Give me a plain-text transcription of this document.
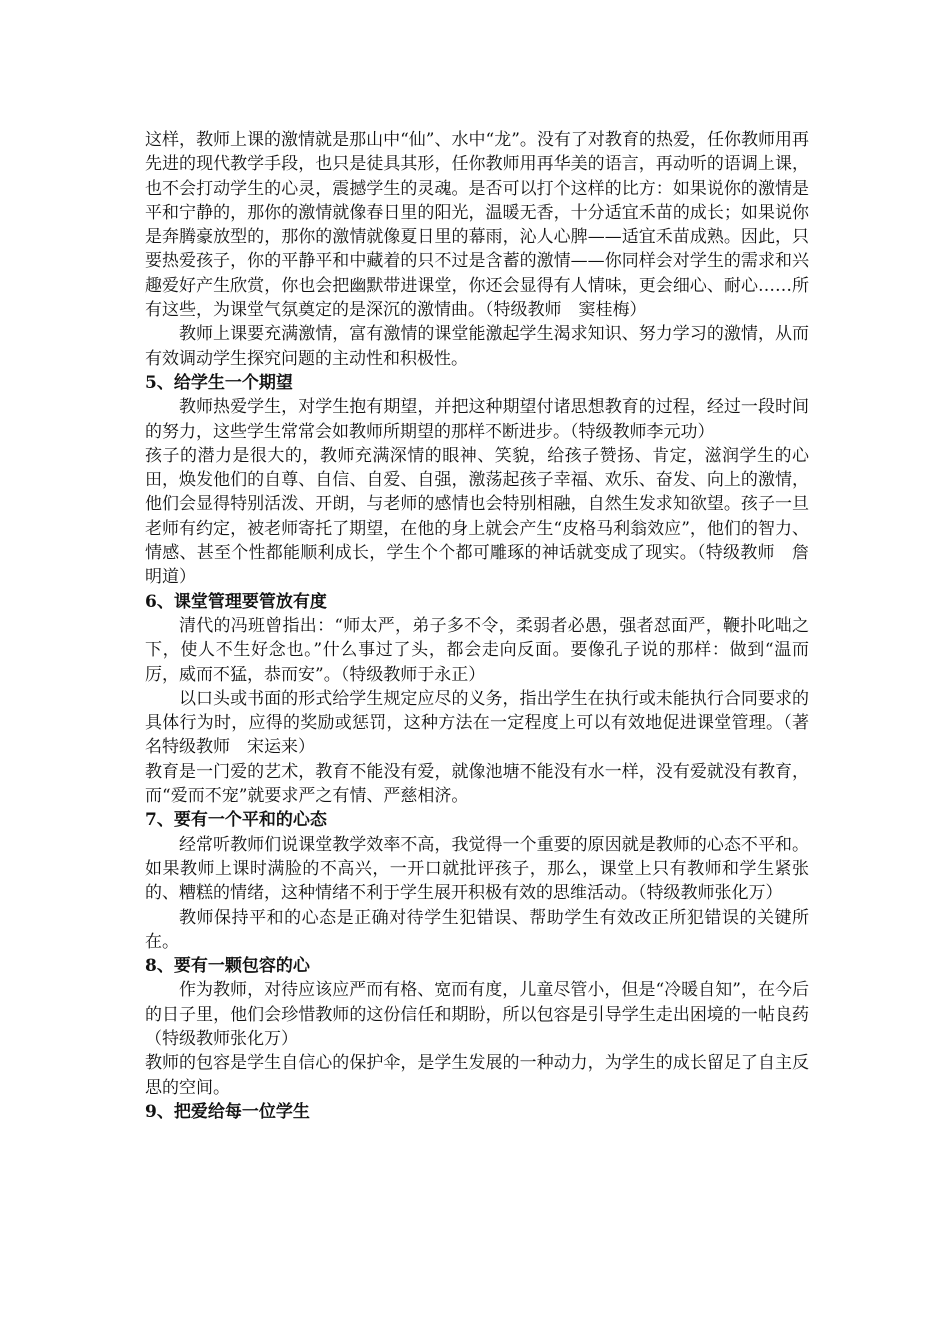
这样，教师上课的激情就是那山中“仙”、水中“龙”。没有了对教育的热爱，任你教师用再先进的现代教学手段，也只是徒具其形，任你教师用再华美的语言，再动听的语调上课，也不会打动学生的心灵，震撼学生的灵魂。是否可以打个这样的比方：如果说你的激情是平和宁静的，那你的激情就像春日里的阳光，温暖无香，十分适宜禾苗的成长；如果说你是奔腾豪放型的，那你的激情就像夏日里的幕雨，沁人心脾——适宜禾苗成熟。因此，只要热爱孩子，你的平静平和中藏着的只不过是含蓄的激情——你同样会对学生的需求和兴趣爱好产生欣赏，你也会把幽默带进课堂，你还会显得有人情味，更会细心、耐心……所有这些，为课堂气氛奠定的是深沉的激情曲。（特级教师　窦桂梅）

教师上课要充满激情，富有激情的课堂能激起学生渴求知识、努力学习的激情，从而有效调动学生探究问题的主动性和积极性。

5、给学生一个期望

教师热爱学生，对学生抱有期望，并把这种期望付诸思想教育的过程，经过一段时间的努力，这些学生常常会如教师所期望的那样不断进步。（特级教师李元功）

孩子的潜力是很大的，教师充满深情的眼神、笑貌，给孩子赞扬、肯定，滋润学生的心田，焕发他们的自尊、自信、自爱、自强，激荡起孩子幸福、欢乐、奋发、向上的激情，他们会显得特别活泼、开朗，与老师的感情也会特别相融，自然生发求知欲望。孩子一旦老师有约定，被老师寄托了期望，在他的身上就会产生“皮格马利翁效应”，他们的智力、情感、甚至个性都能顺利成长，学生个个都可雕琢的神话就变成了现实。（特级教师　詹明道）

6、课堂管理要管放有度

清代的冯班曾指出：“师太严，弟子多不令，柔弱者必愚，强者怼面严，鞭扑叱咄之下，使人不生好念也。”什么事过了头，都会走向反面。要像孔子说的那样：做到“温而厉，威而不猛，恭而安”。（特级教师于永正）

以口头或书面的形式给学生规定应尽的义务，指出学生在执行或未能执行合同要求的具体行为时，应得的奖励或惩罚，这种方法在一定程度上可以有效地促进课堂管理。（著名特级教师　宋运来）

教育是一门爱的艺术，教育不能没有爱，就像池塘不能没有水一样，没有爱就没有教育，而“爱而不宠”就要求严之有情、严慈相济。

7、要有一个平和的心态

经常听教师们说课堂教学效率不高，我觉得一个重要的原因就是教师的心态不平和。如果教师上课时满脸的不高兴，一开口就批评孩子，那么，课堂上只有教师和学生紧张的、糟糕的情绪，这种情绪不利于学生展开积极有效的思维活动。（特级教师张化万）

教师保持平和的心态是正确对待学生犯错误、帮助学生有效改正所犯错误的关键所在。

8、要有一颗包容的心

作为教师，对待应该应严而有格、宽而有度，儿童尽管小，但是“冷暖自知”，在今后的日子里，他们会珍惜教师的这份信任和期盼，所以包容是引导学生走出困境的一帖良药（特级教师张化万）

教师的包容是学生自信心的保护伞，是学生发展的一种动力，为学生的成长留足了自主反思的空间。

9、把爱给每一位学生
